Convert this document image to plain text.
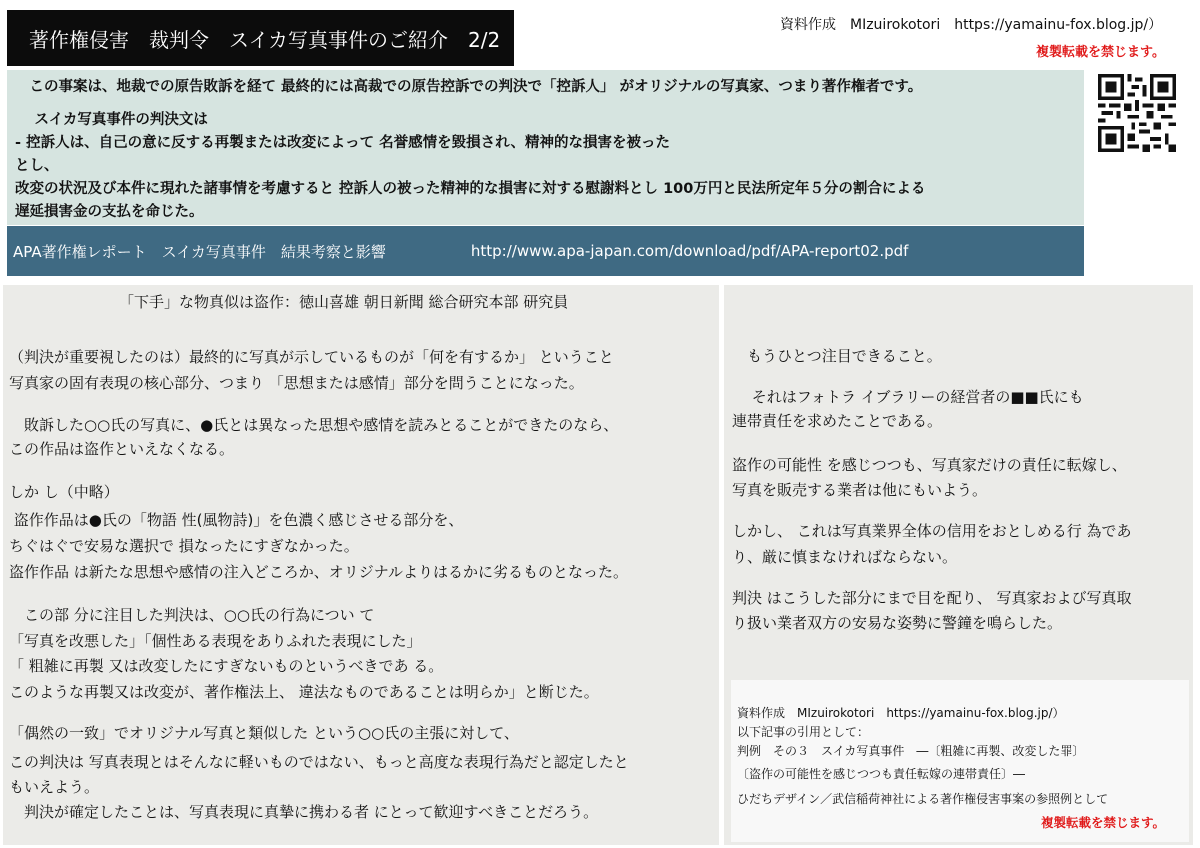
著作権侵害　裁判令　スイカ写真事件のご紹介　2/2
資料作成　MIzuirokotori　https://yamainu-fox.blog.jp/）
複製転載を禁じます。
　この事案は、地裁での原告敗訴を経て 最終的には高裁での原告控訴での判決で「控訴人」 がオリジナルの写真家、つまり著作権者です。
　 スイカ写真事件の判決文は
- 控訴人は、自己の意に反する再製または改変によって 名誉感情を毀損され、精神的な損害を被った
とし、
改変の状況及び本件に現れた諸事情を考慮すると 控訴人の被った精神的な損害に対する慰謝料とし 100万円と民法所定年５分の割合による
遅延損害金の支払を命じた。
APA著作権レポート　スイカ写真事件　結果考察と影響	http://www.apa-japan.com/download/pdf/APA-report02.pdf
「下手」な物真似は盗作：徳山喜雄 朝日新聞 総合研究本部 研究員
（判決が重要視したのは）最終的に写真が示しているものが「何を有するか」 ということ
写真家の固有表現の核心部分、つまり 「思想または感情」部分を問うことになった。
　敗訴した○○氏の写真に、●氏とは異なった思想や感情を読みとることができたのなら、
この作品は盗作といえなくなる。
しか し（中略）
盗作作品は●氏の「物語 性(風物詩)」を色濃く感じさせる部分を、
ちぐはぐで安易な選択で 損なったにすぎなかった。
盗作作品 は新たな思想や感情の注入どころか、オリジナルよりはるかに劣るものとなった。
　この部 分に注目した判決は、○○氏の行為につい て
「写真を改悪した」「個性ある表現をありふれた表現にした」
「 粗雑に再製 又は改変したにすぎないものというべきであ る。
このような再製又は改変が、著作権法上、 違法なものであることは明らか」と断じた。
「偶然の一致」でオリジナル写真と類似した という○○氏の主張に対して、
この判決は 写真表現とはそんなに軽いものではない、もっと高度な表現行為だと認定したと
もいえよう。
　判決が確定したことは、写真表現に真摯に携わる者 にとって歓迎すべきことだろう。
　もうひとつ注目できること。
　 それはフォトラ イブラリーの経営者の■■氏にも
連帯責任を求めたことである。
盗作の可能性 を感じつつも、写真家だけの責任に転嫁し、
写真を販売する業者は他にもいよう。
しかし、 これは写真業界全体の信用をおとしめる行 為であ
り、厳に慎まなければならない。
判決 はこうした部分にまで目を配り、 写真家および写真取
り扱い業者双方の安易な姿勢に警鐘を鳴らした。
資料作成　MIzuirokotori　https://yamainu-fox.blog.jp/）
以下記事の引用として：
判例　その３　スイカ写真事件　―〔粗雑に再製、改変した罪〕
〔盗作の可能性を感じつつも責任転嫁の連帯責任〕―
ひだちデザイン／武信稲荷神社による著作権侵害事案の参照例として
複製転載を禁じます。
